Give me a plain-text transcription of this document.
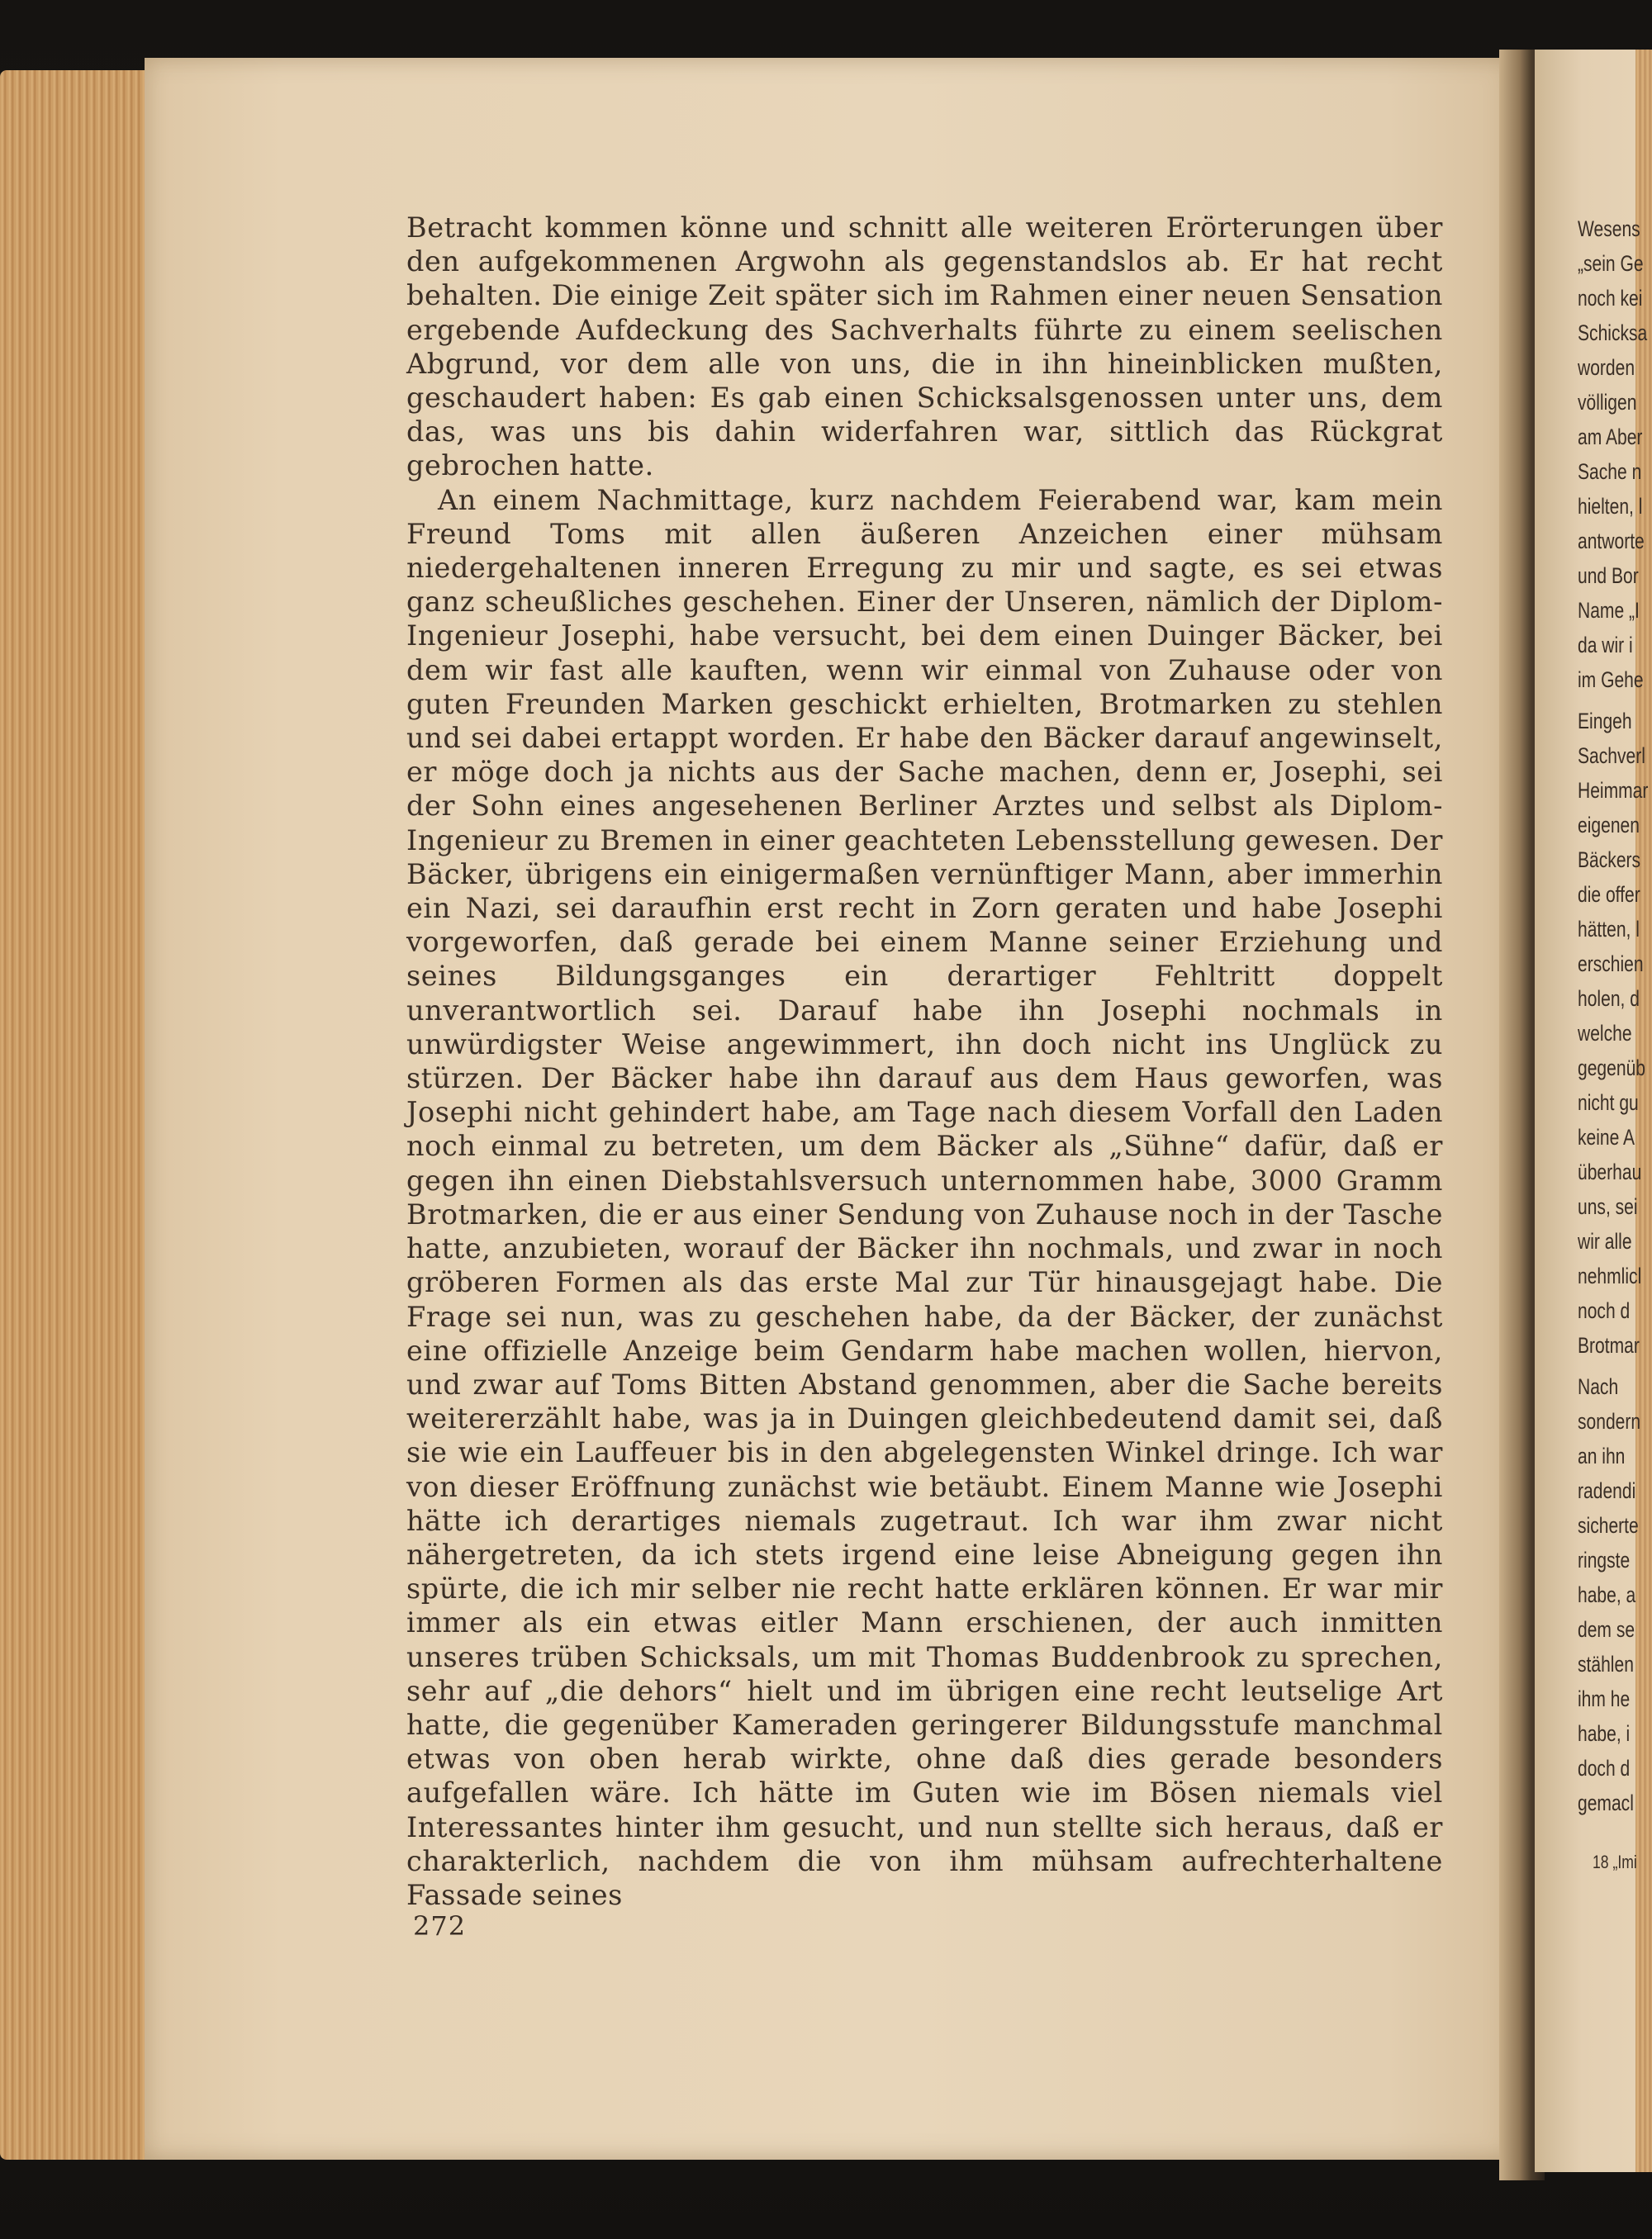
Betracht kommen könne und schnitt alle weiteren Erörterungen über den aufgekommenen Argwohn als gegenstandslos ab. Er hat recht behalten. Die einige Zeit später sich im Rahmen einer neuen Sensation ergebende Aufdeckung des Sachverhalts führte zu einem seelischen Abgrund, vor dem alle von uns, die in ihn hineinblicken mußten, geschaudert haben: Es gab einen Schicksalsgenossen unter uns, dem das, was uns bis dahin widerfahren war, sittlich das Rückgrat gebrochen hatte.

An einem Nachmittage, kurz nachdem Feierabend war, kam mein Freund Toms mit allen äußeren Anzeichen einer mühsam niedergehaltenen inneren Erregung zu mir und sagte, es sei etwas ganz scheußliches geschehen. Einer der Unseren, nämlich der Diplom-Ingenieur Josephi, habe versucht, bei dem einen Duinger Bäcker, bei dem wir fast alle kauften, wenn wir einmal von Zuhause oder von guten Freunden Marken geschickt erhielten, Brotmarken zu stehlen und sei dabei ertappt worden. Er habe den Bäcker darauf angewinselt, er möge doch ja nichts aus der Sache machen, denn er, Josephi, sei der Sohn eines angesehenen Berliner Arztes und selbst als Diplom-Ingenieur zu Bremen in einer geachteten Lebensstellung gewesen. Der Bäcker, übrigens ein einigermaßen vernünftiger Mann, aber immerhin ein Nazi, sei daraufhin erst recht in Zorn geraten und habe Josephi vorgeworfen, daß gerade bei einem Manne seiner Erziehung und seines Bildungsganges ein derartiger Fehltritt doppelt unverantwortlich sei. Darauf habe ihn Josephi nochmals in unwürdigster Weise angewimmert, ihn doch nicht ins Unglück zu stürzen. Der Bäcker habe ihn darauf aus dem Haus geworfen, was Josephi nicht gehindert habe, am Tage nach diesem Vorfall den Laden noch einmal zu betreten, um dem Bäcker als „Sühne“ dafür, daß er gegen ihn einen Diebstahlsversuch unternommen habe, 3000 Gramm Brotmarken, die er aus einer Sendung von Zuhause noch in der Tasche hatte, anzubieten, worauf der Bäcker ihn nochmals, und zwar in noch gröberen Formen als das erste Mal zur Tür hinausgejagt habe. Die Frage sei nun, was zu geschehen habe, da der Bäcker, der zunächst eine offizielle Anzeige beim Gendarm habe machen wollen, hiervon, und zwar auf Toms Bitten Abstand genommen, aber die Sache bereits weitererzählt habe, was ja in Duingen gleichbedeutend damit sei, daß sie wie ein Lauffeuer bis in den abgelegensten Winkel dringe. Ich war von dieser Eröffnung zunächst wie betäubt. Einem Manne wie Josephi hätte ich derartiges niemals zugetraut. Ich war ihm zwar nicht nähergetreten, da ich stets irgend eine leise Abneigung gegen ihn spürte, die ich mir selber nie recht hatte erklären können. Er war mir immer als ein etwas eitler Mann erschienen, der auch inmitten unseres trüben Schicksals, um mit Thomas Buddenbrook zu sprechen, sehr auf „die dehors“ hielt und im übrigen eine recht leutselige Art hatte, die gegenüber Kameraden geringerer Bildungsstufe manchmal etwas von oben herab wirkte, ohne daß dies gerade besonders aufgefallen wäre. Ich hätte im Guten wie im Bösen niemals viel Interessantes hinter ihm gesucht, und nun stellte sich heraus, daß er charakterlich, nachdem die von ihm mühsam aufrechterhaltene Fassade seines

272
Wesens
„sein Ge
noch kei
Schicksa
worden
völligen
am Aber
Sache n
hielten, l
antworte
und Bor
Name „I
da wir i
im Gehe
Eingeh
Sachverl
Heimmar
eigenen
Bäckers
die offer
hätten, l
erschien
holen, d
welche
gegenüb
nicht gu
keine A
überhau
uns, sei
wir alle
nehmlicl
noch d
Brotmar
Nach
sondern
an ihn
radendi
sicherte
ringste
habe, a
dem se
stählen
ihm he
habe, i
doch d
gemacl
18 „Imi
